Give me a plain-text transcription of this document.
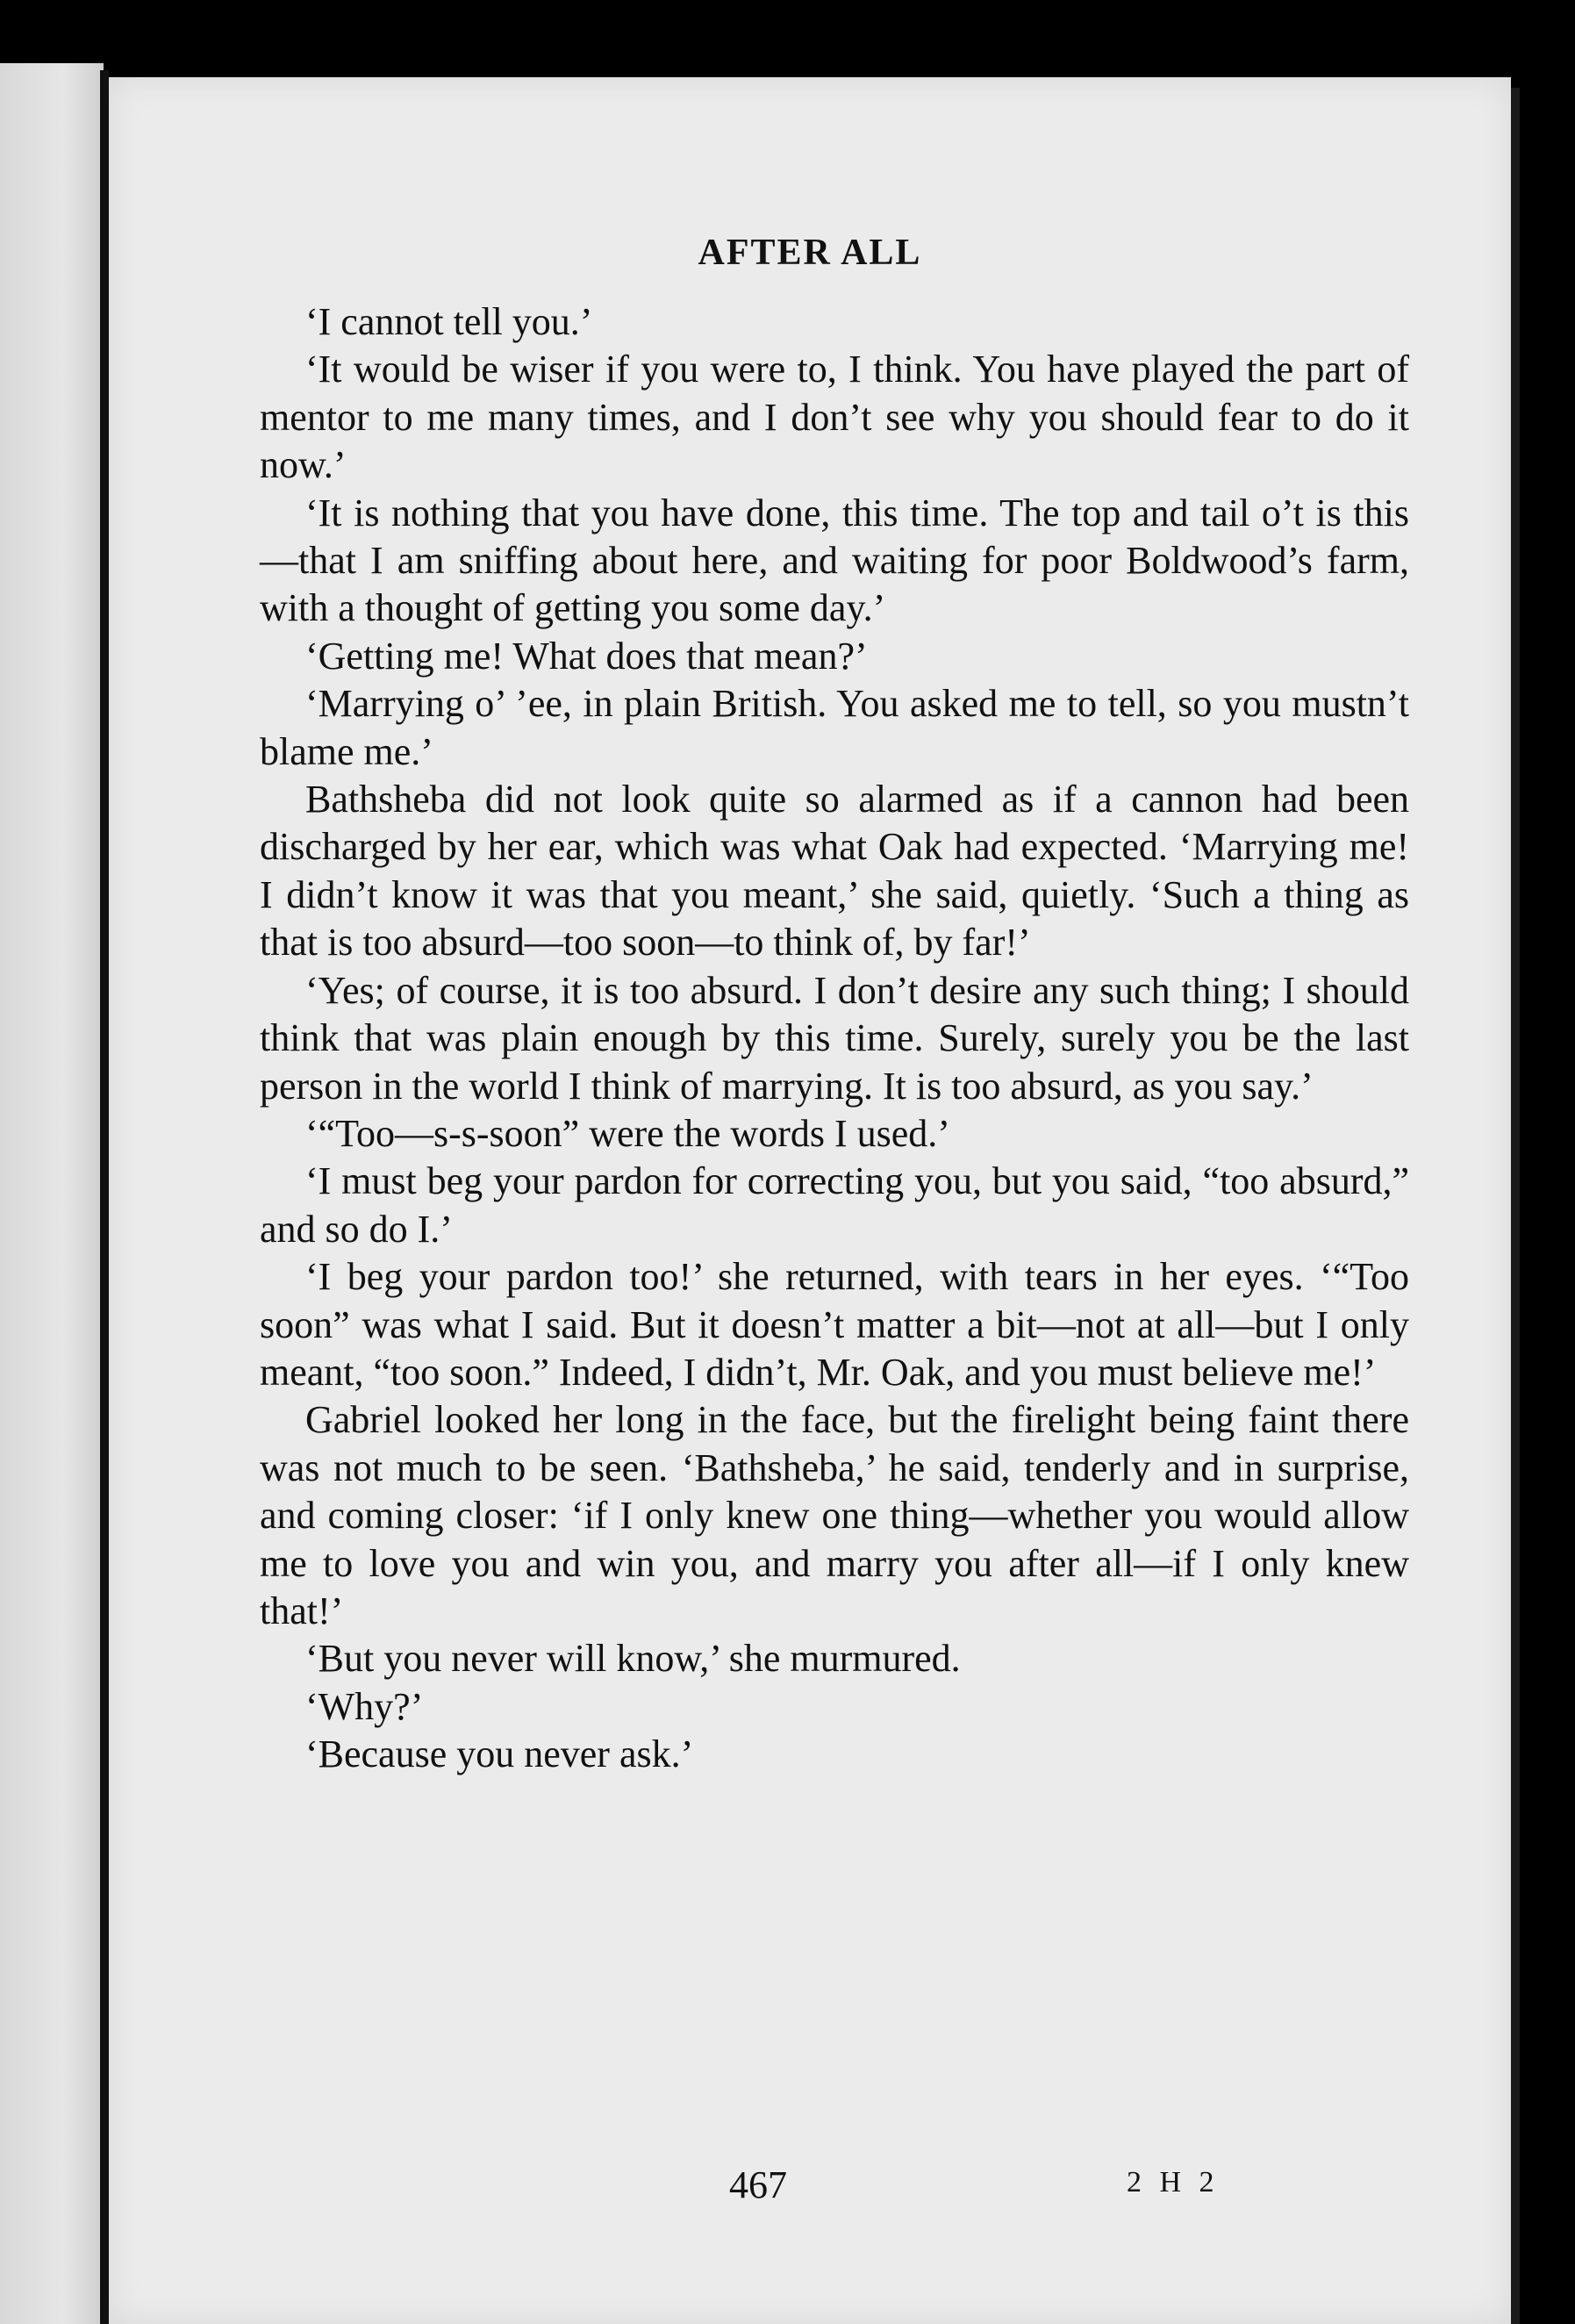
AFTER ALL

‘I cannot tell you.’

‘It would be wiser if you were to, I think. You have played the part of mentor to me many times, and I don’t see why you should fear to do it now.’

‘It is nothing that you have done, this time. The top and tail o’t is this—that I am sniffing about here, and waiting for poor Boldwood’s farm, with a thought of getting you some day.’

‘Getting me! What does that mean?’

‘Marrying o’ ’ee, in plain British. You asked me to tell, so you mustn’t blame me.’

Bathsheba did not look quite so alarmed as if a cannon had been discharged by her ear, which was what Oak had expected. ‘Marrying me! I didn’t know it was that you meant,’ she said, quietly. ‘Such a thing as that is too absurd—too soon—to think of, by far!’

‘Yes; of course, it is too absurd. I don’t desire any such thing; I should think that was plain enough by this time. Surely, surely you be the last person in the world I think of marrying. It is too absurd, as you say.’

‘“Too—s-s-soon” were the words I used.’

‘I must beg your pardon for correcting you, but you said, “too absurd,” and so do I.’

‘I beg your pardon too!’ she returned, with tears in her eyes. ‘“Too soon” was what I said. But it doesn’t matter a bit—not at all—but I only meant, “too soon.” Indeed, I didn’t, Mr. Oak, and you must believe me!’

Gabriel looked her long in the face, but the firelight being faint there was not much to be seen. ‘Bathsheba,’ he said, tenderly and in surprise, and coming closer: ‘if I only knew one thing—whether you would allow me to love you and win you, and marry you after all—if I only knew that!’

‘But you never will know,’ she murmured.

‘Why?’

‘Because you never ask.’

467	2 H 2
